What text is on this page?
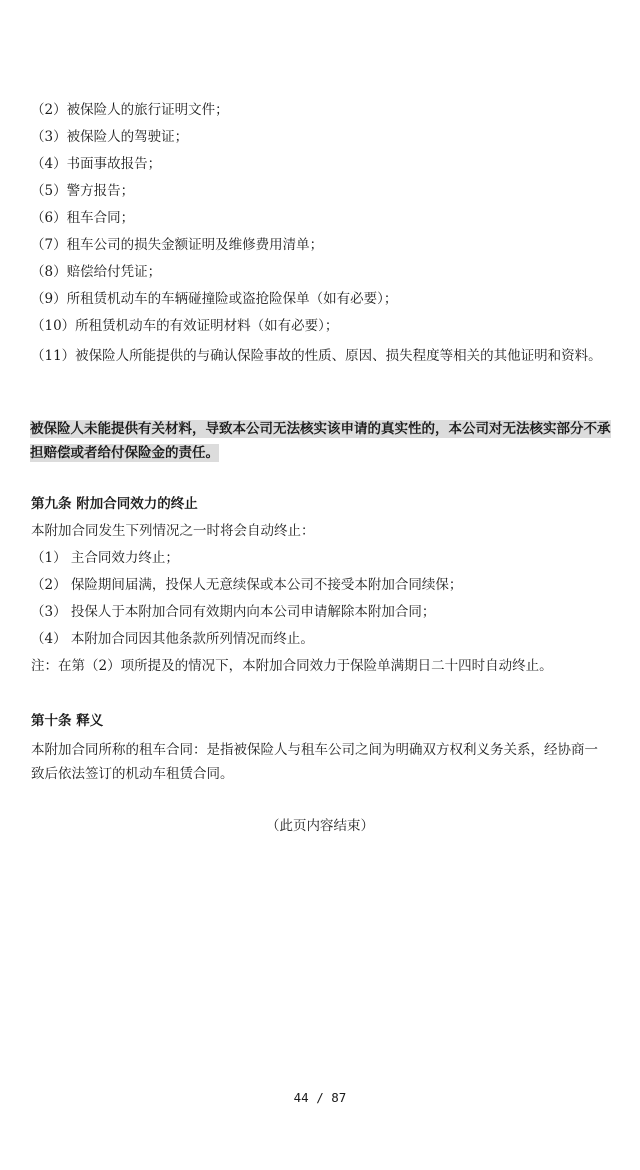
（2）被保险人的旅行证明文件；
（3）被保险人的驾驶证；
（4）书面事故报告；
（5）警方报告；
（6）租车合同；
（7）租车公司的损失金额证明及维修费用清单；
（8）赔偿给付凭证；
（9）所租赁机动车的车辆碰撞险或盗抢险保单（如有必要）；
（10）所租赁机动车的有效证明材料（如有必要）；
（11）被保险人所能提供的与确认保险事故的性质、原因、损失程度等相关的其他证明和资料。
被保险人未能提供有关材料，导致本公司无法核实该申请的真实性的，本公司对无法核实部分不承担赔偿或者给付保险金的责任。
第九条 附加合同效力的终止
本附加合同发生下列情况之一时将会自动终止：
（1） 主合同效力终止；
（2） 保险期间届满，投保人无意续保或本公司不接受本附加合同续保；
（3） 投保人于本附加合同有效期内向本公司申请解除本附加合同；
（4） 本附加合同因其他条款所列情况而终止。
注：在第（2）项所提及的情况下，本附加合同效力于保险单满期日二十四时自动终止。
第十条 释义
本附加合同所称的租车合同：是指被保险人与租车公司之间为明确双方权利义务关系，经协商一致后依法签订的机动车租赁合同。
（此页内容结束）
44 / 87
